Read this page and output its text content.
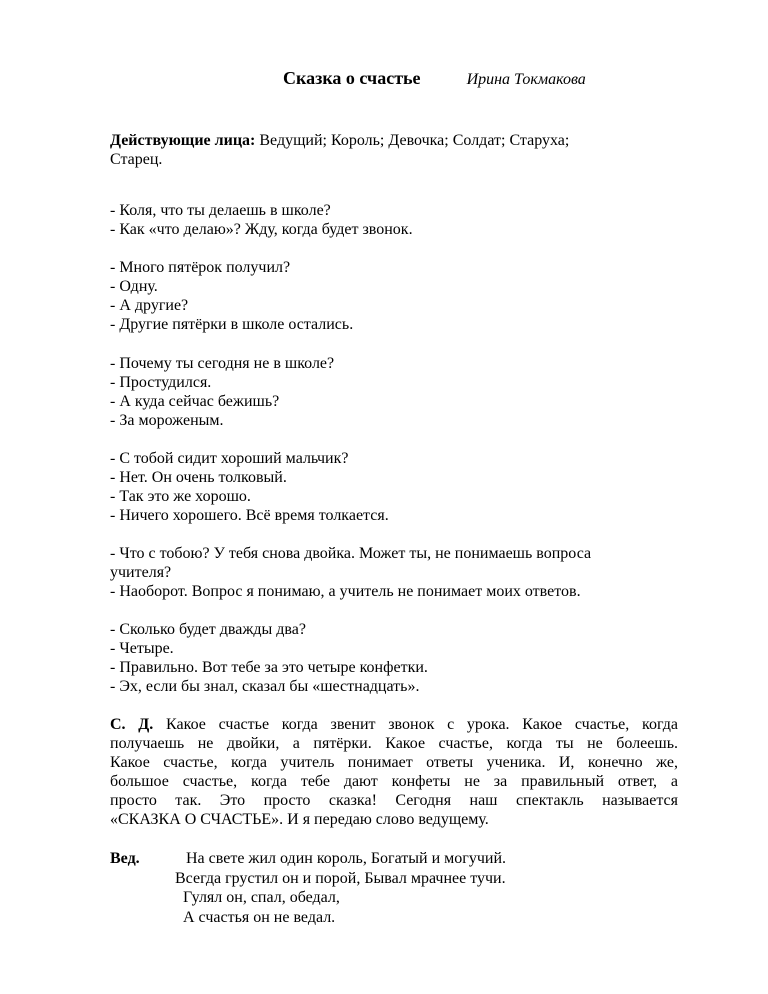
Сказка о счастье	Ирина Токмакова
Действующие лица: Ведущий; Король; Девочка; Солдат; Старуха;
Старец.
- Коля, что ты делаешь в школе?
- Как «что делаю»? Жду, когда будет звонок.
- Много пятёрок получил?
- Одну.
- А другие?
- Другие пятёрки в школе остались.
- Почему ты сегодня не в школе?
- Простудился.
- А куда сейчас бежишь?
- За мороженым.
- С тобой сидит хороший мальчик?
- Нет. Он очень толковый.
- Так это же хорошо.
- Ничего хорошего. Всё время толкается.
- Что с тобою? У тебя снова двойка. Может ты, не понимаешь вопроса
учителя?
- Наоборот. Вопрос я понимаю, а учитель не понимает моих ответов.
- Сколько будет дважды два?
- Четыре.
- Правильно. Вот тебе за это четыре конфетки.
- Эх, если бы знал, сказал бы «шестнадцать».
С. Д. Какое счастье когда звенит звонок с урока. Какое счастье, когда
получаешь не двойки, а пятёрки. Какое счастье, когда ты не болеешь.
Какое счастье, когда учитель понимает ответы ученика. И, конечно же,
большое счастье, когда тебе дают конфеты не за правильный ответ, а
просто так. Это просто сказка! Сегодня наш спектакль называется
«СКАЗКА О СЧАСТЬЕ». И я передаю слово ведущему.
Вед.	На свете жил один король, Богатый и могучий.
Всегда грустил он и порой, Бывал мрачнее тучи.
Гулял он, спал, обедал,
А счастья он не ведал.
